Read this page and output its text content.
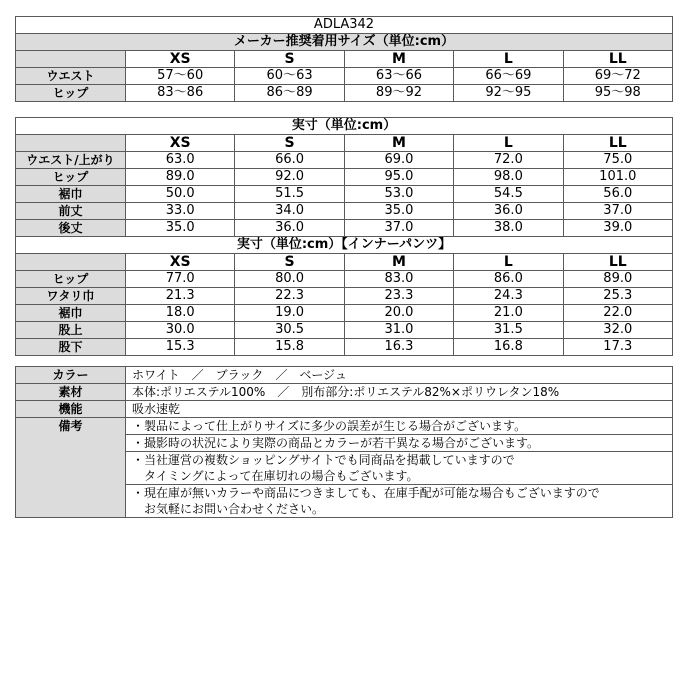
ADLA342					
メーカー推奨着用サイズ（単位:cm）					
	XS	S	M	L	LL
ウエスト	57〜60	60〜63	63〜66	66〜69	69〜72
ヒップ	83〜86	86〜89	89〜92	92〜95	95〜98
実寸（単位:cm）					
	XS	S	M	L	LL
ウエスト/上がり	63.0	66.0	69.0	72.0	75.0
ヒップ	89.0	92.0	95.0	98.0	101.0
裾巾	50.0	51.5	53.0	54.5	56.0
前丈	33.0	34.0	35.0	36.0	37.0
後丈	35.0	36.0	37.0	38.0	39.0
実寸（単位:cm）【インナーパンツ】					
	XS	S	M	L	LL
ヒップ	77.0	80.0	83.0	86.0	89.0
ワタリ巾	21.3	22.3	23.3	24.3	25.3
裾巾	18.0	19.0	20.0	21.0	22.0
股上	30.0	30.5	31.0	31.5	32.0
股下	15.3	15.8	16.3	16.8	17.3
カラー	ホワイト　／　ブラック　／　ベージュ
素材	本体:ポリエステル100%　／　別布部分:ポリエステル82%×ポリウレタン18%
機能	吸水速乾
備考	・製品によって仕上がりサイズに多少の誤差が生じる場合がございます。

	・撮影時の状況により実際の商品とカラーが若干異なる場合がございます。

	・当社運営の複数ショッピングサイトでも同商品を掲載していますので
　タイミングによって在庫切れの場合もございます。

	・現在庫が無いカラーや商品につきましても、在庫手配が可能な場合もございますので
　お気軽にお問い合わせください。
